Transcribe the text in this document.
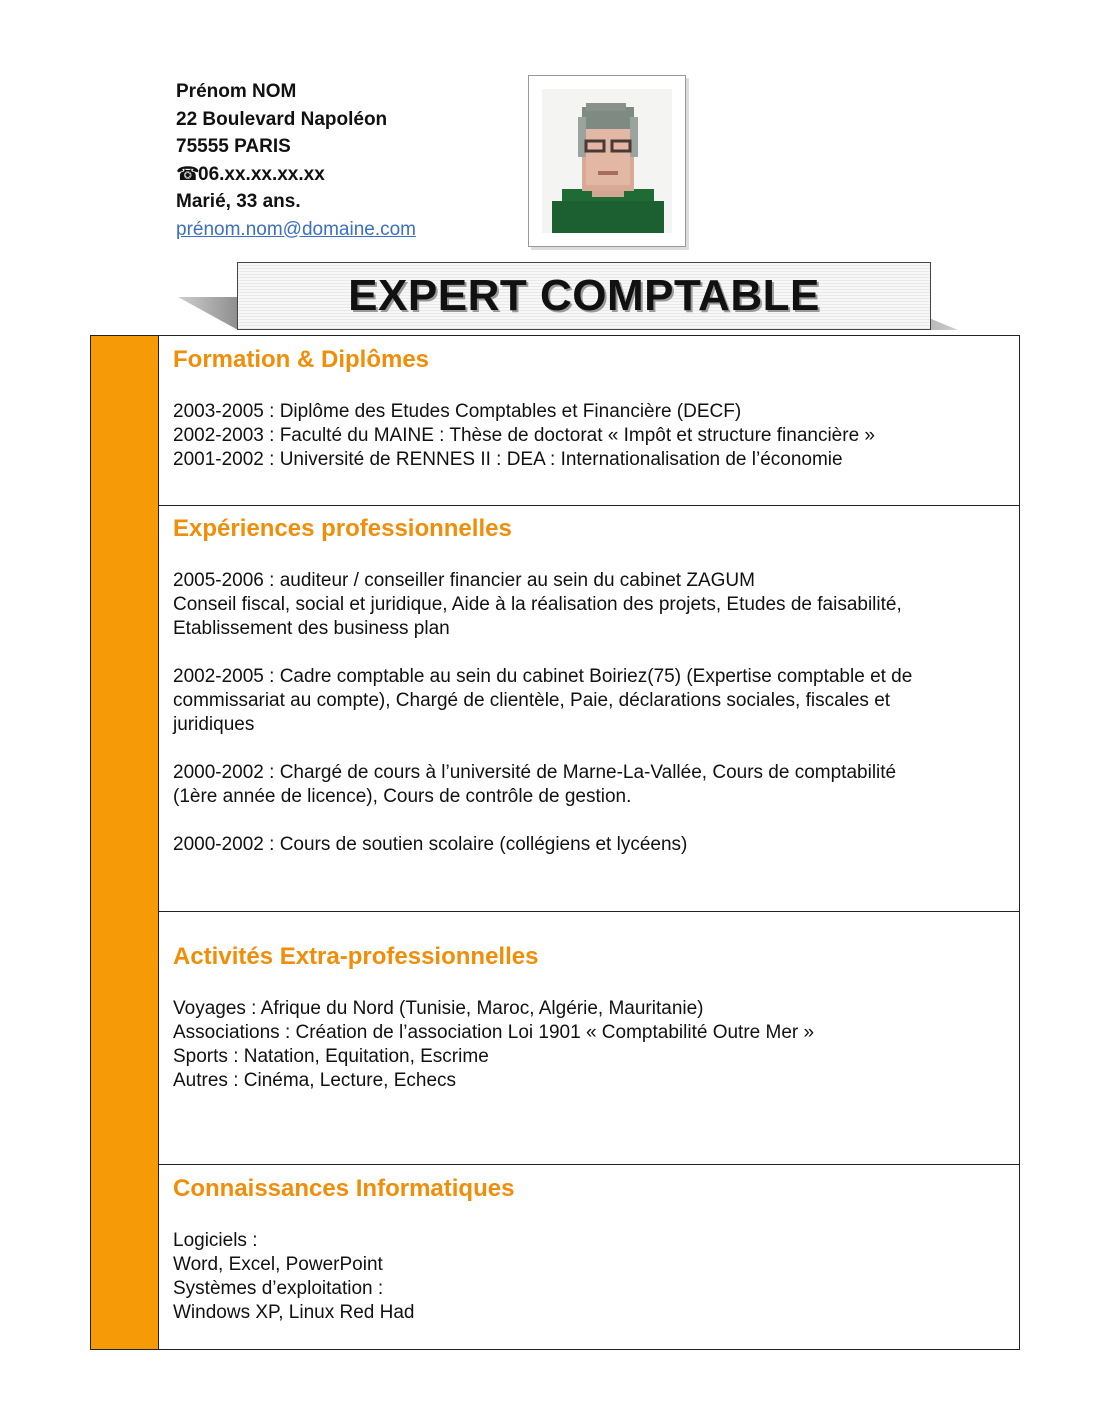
Prénom NOM
22 Boulevard Napoléon
75555 PARIS
☎06.xx.xx.xx.xx
Marié, 33 ans.
prénom.nom@domaine.com
EXPERT COMPTABLE
Formation & Diplômes
2003-2005 : Diplôme des Etudes Comptables et Financière (DECF)
2002-2003 : Faculté du MAINE : Thèse de doctorat « Impôt et structure financière »
2001-2002 : Université de RENNES II : DEA : Internationalisation de l’économie
Expériences professionnelles
2005-2006 : auditeur / conseiller financier au sein du cabinet ZAGUM
Conseil fiscal, social et juridique, Aide à la réalisation des projets, Etudes de faisabilité,
Etablissement des business plan
2002-2005 : Cadre comptable au sein du cabinet Boiriez(75) (Expertise comptable et de
commissariat au compte), Chargé de clientèle, Paie, déclarations sociales, fiscales et
juridiques
2000-2002 : Chargé de cours à l’université de Marne-La-Vallée, Cours de comptabilité
(1ère année de licence), Cours de contrôle de gestion.
2000-2002 : Cours de soutien scolaire (collégiens et lycéens)
Activités Extra-professionnelles
Voyages : Afrique du Nord (Tunisie, Maroc, Algérie, Mauritanie)
Associations : Création de l’association Loi 1901 « Comptabilité Outre Mer »
Sports : Natation, Equitation, Escrime
Autres : Cinéma, Lecture, Echecs
Connaissances Informatiques
Logiciels :
Word, Excel, PowerPoint
Systèmes d’exploitation :
Windows XP, Linux Red Had
